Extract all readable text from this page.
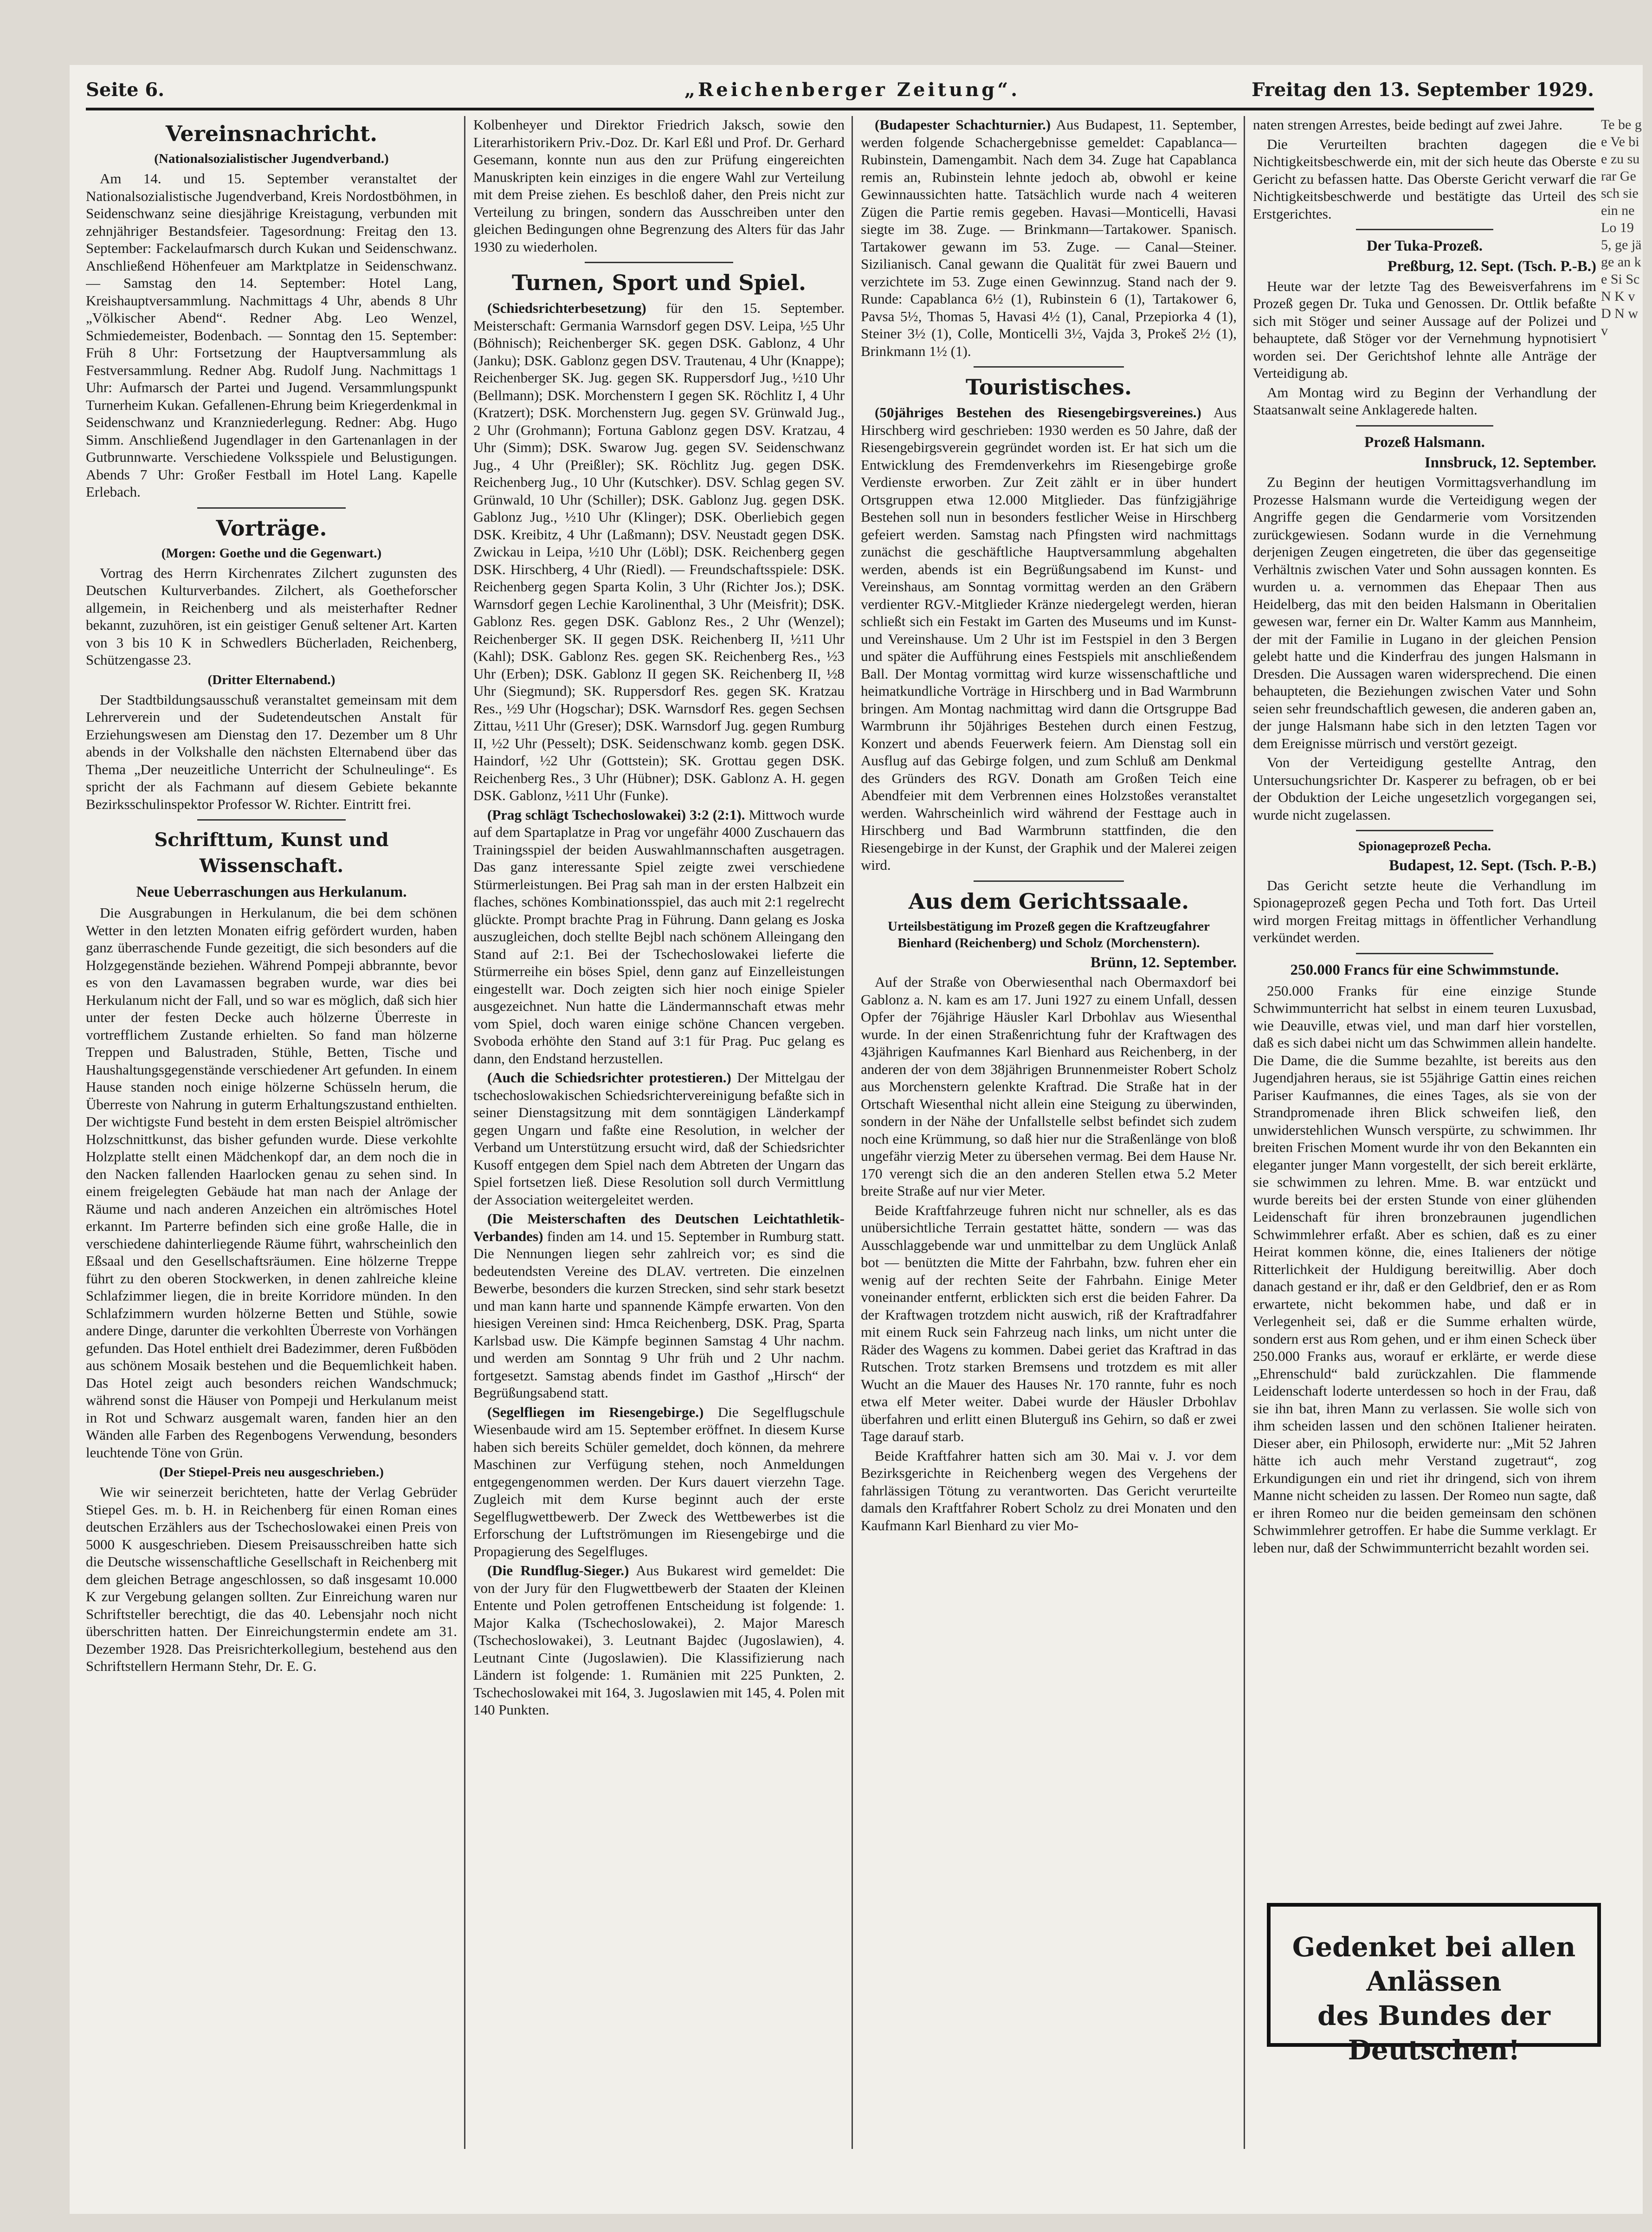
Seite 6.	„Reichenberger Zeitung“.	Freitag den 13. September 1929.
Vereinsnachricht.
(Nationalsozialistischer Jugendverband.)

Am 14. und 15. September veranstaltet der Nationalsozialistische Jugendverband, Kreis Nordostböhmen, in Seidenschwanz seine diesjährige Kreistagung, verbunden mit zehnjähriger Bestandsfeier. Tagesordnung: Freitag den 13. September: Fackelaufmarsch durch Kukan und Seidenschwanz. Anschließend Höhenfeuer am Marktplatze in Seidenschwanz. — Samstag den 14. September: Hotel Lang, Kreishauptversammlung. Nachmittags 4 Uhr, abends 8 Uhr „Völkischer Abend“. Redner Abg. Leo Wenzel, Schmiedemeister, Bodenbach. — Sonntag den 15. September: Früh 8 Uhr: Fortsetzung der Hauptversammlung als Festversammlung. Redner Abg. Rudolf Jung. Nachmittags 1 Uhr: Aufmarsch der Partei und Jugend. Versammlungspunkt Turnerheim Kukan. Gefallenen-Ehrung beim Kriegerdenkmal in Seidenschwanz und Kranzniederlegung. Redner: Abg. Hugo Simm. Anschließend Jugendlager in den Gartenanlagen in der Gutbrunnwarte. Verschiedene Volksspiele und Belustigungen. Abends 7 Uhr: Großer Festball im Hotel Lang. Kapelle Erlebach.

Vorträge.
(Morgen: Goethe und die Gegenwart.)

Vortrag des Herrn Kirchenrates Zilchert zugunsten des Deutschen Kulturverbandes. Zilchert, als Goetheforscher allgemein, in Reichenberg und als meisterhafter Redner bekannt, zuzuhören, ist ein geistiger Genuß seltener Art. Karten von 3 bis 10 K in Schwedlers Bücherladen, Reichenberg, Schützengasse 23.

(Dritter Elternabend.)

Der Stadtbildungsausschuß veranstaltet gemeinsam mit dem Lehrerverein und der Sudetendeutschen Anstalt für Erziehungswesen am Dienstag den 17. Dezember um 8 Uhr abends in der Volkshalle den nächsten Elternabend über das Thema „Der neuzeitliche Unterricht der Schulneulinge“. Es spricht der als Fachmann auf diesem Gebiete bekannte Bezirksschulinspektor Professor W. Richter. Eintritt frei.

Schrifttum, Kunst und Wissenschaft.
Neue Ueberraschungen aus Herkulanum.

Die Ausgrabungen in Herkulanum, die bei dem schönen Wetter in den letzten Monaten eifrig gefördert wurden, haben ganz überraschende Funde gezeitigt, die sich besonders auf die Holzgegenstände beziehen. Während Pompeji abbrannte, bevor es von den Lavamassen begraben wurde, war dies bei Herkulanum nicht der Fall, und so war es möglich, daß sich hier unter der festen Decke auch hölzerne Überreste in vortrefflichem Zustande erhielten. So fand man hölzerne Treppen und Balustraden, Stühle, Betten, Tische und Haushaltungsgegenstände verschiedener Art gefunden. In einem Hause standen noch einige hölzerne Schüsseln herum, die Überreste von Nahrung in guterm Erhaltungszustand enthielten. Der wichtigste Fund besteht in dem ersten Beispiel altrömischer Holzschnittkunst, das bisher gefunden wurde. Diese verkohlte Holzplatte stellt einen Mädchenkopf dar, an dem noch die in den Nacken fallenden Haarlocken genau zu sehen sind. In einem freigelegten Gebäude hat man nach der Anlage der Räume und nach anderen Anzeichen ein altrömisches Hotel erkannt. Im Parterre befinden sich eine große Halle, die in verschiedene dahinterliegende Räume führt, wahrscheinlich den Eßsaal und den Gesellschaftsräumen. Eine hölzerne Treppe führt zu den oberen Stockwerken, in denen zahlreiche kleine Schlafzimmer liegen, die in breite Korridore münden. In den Schlafzimmern wurden hölzerne Betten und Stühle, sowie andere Dinge, darunter die verkohlten Überreste von Vorhängen gefunden. Das Hotel enthielt drei Badezimmer, deren Fußböden aus schönem Mosaik bestehen und die Bequemlichkeit haben. Das Hotel zeigt auch besonders reichen Wandschmuck; während sonst die Häuser von Pompeji und Herkulanum meist in Rot und Schwarz ausgemalt waren, fanden hier an den Wänden alle Farben des Regenbogens Verwendung, besonders leuchtende Töne von Grün.

(Der Stiepel-Preis neu ausgeschrieben.)

Wie wir seinerzeit berichteten, hatte der Verlag Gebrüder Stiepel Ges. m. b. H. in Reichenberg für einen Roman eines deutschen Erzählers aus der Tschechoslowakei einen Preis von 5000 K ausgeschrieben. Diesem Preisausschreiben hatte sich die Deutsche wissenschaftliche Gesellschaft in Reichenberg mit dem gleichen Betrage angeschlossen, so daß insgesamt 10.000 K zur Vergebung gelangen sollten. Zur Einreichung waren nur Schriftsteller berechtigt, die das 40. Lebensjahr noch nicht überschritten hatten. Der Einreichungstermin endete am 31. Dezember 1928. Das Preisrichterkollegium, bestehend aus den Schriftstellern Hermann Stehr, Dr. E. G.

Kolbenheyer und Direktor Friedrich Jaksch, sowie den Literarhistorikern Priv.-Doz. Dr. Karl Eßl und Prof. Dr. Gerhard Gesemann, konnte nun aus den zur Prüfung eingereichten Manuskripten kein einziges in die engere Wahl zur Verteilung mit dem Preise ziehen. Es beschloß daher, den Preis nicht zur Verteilung zu bringen, sondern das Ausschreiben unter den gleichen Bedingungen ohne Begrenzung des Alters für das Jahr 1930 zu wiederholen.

Turnen, Sport und Spiel.

(Schiedsrichterbesetzung) für den 15. September. Meisterschaft: Germania Warnsdorf gegen DSV. Leipa, ½5 Uhr (Böhnisch); Reichenberger SK. gegen DSK. Gablonz, 4 Uhr (Janku); DSK. Gablonz gegen DSV. Trautenau, 4 Uhr (Knappe); Reichenberger SK. Jug. gegen SK. Ruppersdorf Jug., ½10 Uhr (Bellmann); DSK. Morchenstern I gegen SK. Röchlitz I, 4 Uhr (Kratzert); DSK. Morchenstern Jug. gegen SV. Grünwald Jug., 2 Uhr (Grohmann); Fortuna Gablonz gegen DSV. Kratzau, 4 Uhr (Simm); DSK. Swarow Jug. gegen SV. Seidenschwanz Jug., 4 Uhr (Preißler); SK. Röchlitz Jug. gegen DSK. Reichenberg Jug., 10 Uhr (Kutschker). DSV. Schlag gegen SV. Grünwald, 10 Uhr (Schiller); DSK. Gablonz Jug. gegen DSK. Gablonz Jug., ½10 Uhr (Klinger); DSK. Oberliebich gegen DSK. Kreibitz, 4 Uhr (Laßmann); DSV. Neustadt gegen DSK. Zwickau in Leipa, ½10 Uhr (Löbl); DSK. Reichenberg gegen DSK. Hirschberg, 4 Uhr (Riedl). — Freundschaftsspiele: DSK. Reichenberg gegen Sparta Kolin, 3 Uhr (Richter Jos.); DSK. Warnsdorf gegen Lechie Karolinenthal, 3 Uhr (Meisfrit); DSK. Gablonz Res. gegen DSK. Gablonz Res., 2 Uhr (Wenzel); Reichenberger SK. II gegen DSK. Reichenberg II, ½11 Uhr (Kahl); DSK. Gablonz Res. gegen SK. Reichenberg Res., ½3 Uhr (Erben); DSK. Gablonz II gegen SK. Reichenberg II, ½8 Uhr (Siegmund); SK. Ruppersdorf Res. gegen SK. Kratzau Res., ½9 Uhr (Hogschar); DSK. Warnsdorf Res. gegen Sechsen Zittau, ½11 Uhr (Greser); DSK. Warnsdorf Jug. gegen Rumburg II, ½2 Uhr (Pesselt); DSK. Seidenschwanz komb. gegen DSK. Haindorf, ½2 Uhr (Gottstein); SK. Grottau gegen DSK. Reichenberg Res., 3 Uhr (Hübner); DSK. Gablonz A. H. gegen DSK. Gablonz, ½11 Uhr (Funke).

(Prag schlägt Tschechoslowakei) 3:2 (2:1). Mittwoch wurde auf dem Spartaplatze in Prag vor ungefähr 4000 Zuschauern das Trainingsspiel der beiden Auswahlmannschaften ausgetragen. Das ganz interessante Spiel zeigte zwei verschiedene Stürmerleistungen. Bei Prag sah man in der ersten Halbzeit ein flaches, schönes Kombinationsspiel, das auch mit 2:1 regelrecht glückte. Prompt brachte Prag in Führung. Dann gelang es Joska auszugleichen, doch stellte Bejbl nach schönem Alleingang den Stand auf 2:1. Bei der Tschechoslowakei lieferte die Stürmerreihe ein böses Spiel, denn ganz auf Einzelleistungen eingestellt war. Doch zeigten sich hier noch einige Spieler ausgezeichnet. Nun hatte die Ländermannschaft etwas mehr vom Spiel, doch waren einige schöne Chancen vergeben. Svoboda erhöhte den Stand auf 3:1 für Prag. Puc gelang es dann, den Endstand herzustellen.

(Auch die Schiedsrichter protestieren.) Der Mittelgau der tschechoslowakischen Schiedsrichtervereinigung befaßte sich in seiner Dienstagsitzung mit dem sonntägigen Länderkampf gegen Ungarn und faßte eine Resolution, in welcher der Verband um Unterstützung ersucht wird, daß der Schiedsrichter Kusoff entgegen dem Spiel nach dem Abtreten der Ungarn das Spiel fortsetzen ließ. Diese Resolution soll durch Vermittlung der Association weitergeleitet werden.

(Die Meisterschaften des Deutschen Leichtathletik-Verbandes) finden am 14. und 15. September in Rumburg statt. Die Nennungen liegen sehr zahlreich vor; es sind die bedeutendsten Vereine des DLAV. vertreten. Die einzelnen Bewerbe, besonders die kurzen Strecken, sind sehr stark besetzt und man kann harte und spannende Kämpfe erwarten. Von den hiesigen Vereinen sind: Hmca Reichenberg, DSK. Prag, Sparta Karlsbad usw. Die Kämpfe beginnen Samstag 4 Uhr nachm. und werden am Sonntag 9 Uhr früh und 2 Uhr nachm. fortgesetzt. Samstag abends findet im Gasthof „Hirsch“ der Begrüßungsabend statt.

(Segelfliegen im Riesengebirge.) Die Segelflugschule Wiesenbaude wird am 15. September eröffnet. In diesem Kurse haben sich bereits Schüler gemeldet, doch können, da mehrere Maschinen zur Verfügung stehen, noch Anmeldungen entgegengenommen werden. Der Kurs dauert vierzehn Tage. Zugleich mit dem Kurse beginnt auch der erste Segelflugwettbewerb. Der Zweck des Wettbewerbes ist die Erforschung der Luftströmungen im Riesengebirge und die Propagierung des Segelfluges.

(Die Rundflug-Sieger.) Aus Bukarest wird gemeldet: Die von der Jury für den Flugwettbewerb der Staaten der Kleinen Entente und Polen getroffenen Entscheidung ist folgende: 1. Major Kalka (Tschechoslowakei), 2. Major Maresch (Tschechoslowakei), 3. Leutnant Bajdec (Jugoslawien), 4. Leutnant Cinte (Jugoslawien). Die Klassifizierung nach Ländern ist folgende: 1. Rumänien mit 225 Punkten, 2. Tschechoslowakei mit 164, 3. Jugoslawien mit 145, 4. Polen mit 140 Punkten.

(Budapester Schachturnier.) Aus Budapest, 11. September, werden folgende Schachergebnisse gemeldet: Capablanca—Rubinstein, Damengambit. Nach dem 34. Zuge hat Capablanca remis an, Rubinstein lehnte jedoch ab, obwohl er keine Gewinnaussichten hatte. Tatsächlich wurde nach 4 weiteren Zügen die Partie remis gegeben. Havasi—Monticelli, Havasi siegte im 38. Zuge. — Brinkmann—Tartakower. Spanisch. Tartakower gewann im 53. Zuge. — Canal—Steiner. Sizilianisch. Canal gewann die Qualität für zwei Bauern und verzichtete im 53. Zuge einen Gewinnzug. Stand nach der 9. Runde: Capablanca 6½ (1), Rubinstein 6 (1), Tartakower 6, Pavsa 5½, Thomas 5, Havasi 4½ (1), Canal, Przepiorka 4 (1), Steiner 3½ (1), Colle, Monticelli 3½, Vajda 3, Prokeš 2½ (1), Brinkmann 1½ (1).

Touristisches.

(50jähriges Bestehen des Riesengebirgsvereines.) Aus Hirschberg wird geschrieben: 1930 werden es 50 Jahre, daß der Riesengebirgsverein gegründet worden ist. Er hat sich um die Entwicklung des Fremdenverkehrs im Riesengebirge große Verdienste erworben. Zur Zeit zählt er in über hundert Ortsgruppen etwa 12.000 Mitglieder. Das fünfzigjährige Bestehen soll nun in besonders festlicher Weise in Hirschberg gefeiert werden. Samstag nach Pfingsten wird nachmittags zunächst die geschäftliche Hauptversammlung abgehalten werden, abends ist ein Begrüßungsabend im Kunst- und Vereinshaus, am Sonntag vormittag werden an den Gräbern verdienter RGV.-Mitglieder Kränze niedergelegt werden, hieran schließt sich ein Festakt im Garten des Museums und im Kunst- und Vereinshause. Um 2 Uhr ist im Festspiel in den 3 Bergen und später die Aufführung eines Festspiels mit anschließendem Ball. Der Montag vormittag wird kurze wissenschaftliche und heimatkundliche Vorträge in Hirschberg und in Bad Warmbrunn bringen. Am Montag nachmittag wird dann die Ortsgruppe Bad Warmbrunn ihr 50jähriges Bestehen durch einen Festzug, Konzert und abends Feuerwerk feiern. Am Dienstag soll ein Ausflug auf das Gebirge folgen, und zum Schluß am Denkmal des Gründers des RGV. Donath am Großen Teich eine Abendfeier mit dem Verbrennen eines Holzstoßes veranstaltet werden. Wahrscheinlich wird während der Festtage auch in Hirschberg und Bad Warmbrunn stattfinden, die den Riesengebirge in der Kunst, der Graphik und der Malerei zeigen wird.

Aus dem Gerichtssaale.
Urteilsbestätigung im Prozeß gegen die Kraftzeugfahrer Bienhard (Reichenberg) und Scholz (Morchenstern).
Brünn, 12. September.

Auf der Straße von Oberwiesenthal nach Obermaxdorf bei Gablonz a. N. kam es am 17. Juni 1927 zu einem Unfall, dessen Opfer der 76jährige Häusler Karl Drbohlav aus Wiesenthal wurde. In der einen Straßenrichtung fuhr der Kraftwagen des 43jährigen Kaufmannes Karl Bienhard aus Reichenberg, in der anderen der von dem 38jährigen Brunnenmeister Robert Scholz aus Morchenstern gelenkte Kraftrad. Die Straße hat in der Ortschaft Wiesenthal nicht allein eine Steigung zu überwinden, sondern in der Nähe der Unfallstelle selbst befindet sich zudem noch eine Krümmung, so daß hier nur die Straßenlänge von bloß ungefähr vierzig Meter zu übersehen vermag. Bei dem Hause Nr. 170 verengt sich die an den anderen Stellen etwa 5.2 Meter breite Straße auf nur vier Meter.

Beide Kraftfahrzeuge fuhren nicht nur schneller, als es das unübersichtliche Terrain gestattet hätte, sondern — was das Ausschlaggebende war und unmittelbar zu dem Unglück Anlaß bot — benützten die Mitte der Fahrbahn, bzw. fuhren eher ein wenig auf der rechten Seite der Fahrbahn. Einige Meter voneinander entfernt, erblickten sich erst die beiden Fahrer. Da der Kraftwagen trotzdem nicht auswich, riß der Kraftradfahrer mit einem Ruck sein Fahrzeug nach links, um nicht unter die Räder des Wagens zu kommen. Dabei geriet das Kraftrad in das Rutschen. Trotz starken Bremsens und trotzdem es mit aller Wucht an die Mauer des Hauses Nr. 170 rannte, fuhr es noch etwa elf Meter weiter. Dabei wurde der Häusler Drbohlav überfahren und erlitt einen Bluterguß ins Gehirn, so daß er zwei Tage darauf starb.

Beide Kraftfahrer hatten sich am 30. Mai v. J. vor dem Bezirksgerichte in Reichenberg wegen des Vergehens der fahrlässigen Tötung zu verantworten. Das Gericht verurteilte damals den Kraftfahrer Robert Scholz zu drei Monaten und den Kaufmann Karl Bienhard zu vier Mo-

naten strengen Arrestes, beide bedingt auf zwei Jahre.

Die Verurteilten brachten dagegen die Nichtigkeitsbeschwerde ein, mit der sich heute das Oberste Gericht zu befassen hatte. Das Oberste Gericht verwarf die Nichtigkeitsbeschwerde und bestätigte das Urteil des Erstgerichtes.

Der Tuka-Prozeß.
Preßburg, 12. Sept. (Tsch. P.-B.)

Heute war der letzte Tag des Beweisverfahrens im Prozeß gegen Dr. Tuka und Genossen. Dr. Ottlik befaßte sich mit Stöger und seiner Aussage auf der Polizei und behauptete, daß Stöger vor der Vernehmung hypnotisiert worden sei. Der Gerichtshof lehnte alle Anträge der Verteidigung ab.

Am Montag wird zu Beginn der Verhandlung der Staatsanwalt seine Anklagerede halten.

Prozeß Halsmann.
Innsbruck, 12. September.

Zu Beginn der heutigen Vormittagsverhandlung im Prozesse Halsmann wurde die Verteidigung wegen der Angriffe gegen die Gendarmerie vom Vorsitzenden zurückgewiesen. Sodann wurde in die Vernehmung derjenigen Zeugen eingetreten, die über das gegenseitige Verhältnis zwischen Vater und Sohn aussagen konnten. Es wurden u. a. vernommen das Ehepaar Then aus Heidelberg, das mit den beiden Halsmann in Oberitalien gewesen war, ferner ein Dr. Walter Kamm aus Mannheim, der mit der Familie in Lugano in der gleichen Pension gelebt hatte und die Kinderfrau des jungen Halsmann in Dresden. Die Aussagen waren widersprechend. Die einen behaupteten, die Beziehungen zwischen Vater und Sohn seien sehr freundschaftlich gewesen, die anderen gaben an, der junge Halsmann habe sich in den letzten Tagen vor dem Ereignisse mürrisch und verstört gezeigt.

Von der Verteidigung gestellte Antrag, den Untersuchungsrichter Dr. Kasperer zu befragen, ob er bei der Obduktion der Leiche ungesetzlich vorgegangen sei, wurde nicht zugelassen.

Spionageprozeß Pecha.
Budapest, 12. Sept. (Tsch. P.-B.)

Das Gericht setzte heute die Verhandlung im Spionageprozeß gegen Pecha und Toth fort. Das Urteil wird morgen Freitag mittags in öffentlicher Verhandlung verkündet werden.

250.000 Francs für eine Schwimmstunde.

250.000 Franks für eine einzige Stunde Schwimmunterricht hat selbst in einem teuren Luxusbad, wie Deauville, etwas viel, und man darf hier vorstellen, daß es sich dabei nicht um das Schwimmen allein handelte. Die Dame, die die Summe bezahlte, ist bereits aus den Jugendjahren heraus, sie ist 55jährige Gattin eines reichen Pariser Kaufmannes, die eines Tages, als sie von der Strandpromenade ihren Blick schweifen ließ, den unwiderstehlichen Wunsch verspürte, zu schwimmen. Ihr breiten Frischen Moment wurde ihr von den Bekannten ein eleganter junger Mann vorgestellt, der sich bereit erklärte, sie schwimmen zu lehren. Mme. B. war entzückt und wurde bereits bei der ersten Stunde von einer glühenden Leidenschaft für ihren bronzebraunen jugendlichen Schwimmlehrer erfaßt. Aber es schien, daß es zu einer Heirat kommen könne, die, eines Italieners der nötige Ritterlichkeit der Huldigung bereitwillig. Aber doch danach gestand er ihr, daß er den Geldbrief, den er as Rom erwartete, nicht bekommen habe, und daß er in Verlegenheit sei, daß er die Summe erhalten würde, sondern erst aus Rom gehen, und er ihm einen Scheck über 250.000 Franks aus, worauf er erklärte, er werde diese „Ehrenschuld“ bald zurückzahlen. Die flammende Leidenschaft loderte unterdessen so hoch in der Frau, daß sie ihn bat, ihren Mann zu verlassen. Sie wolle sich von ihm scheiden lassen und den schönen Italiener heiraten. Dieser aber, ein Philosoph, erwiderte nur: „Mit 52 Jahren hätte ich auch mehr Verstand zugetraut“, zog Erkundigungen ein und riet ihr dringend, sich von ihrem Manne nicht scheiden zu lassen. Der Romeo nun sagte, daß er ihren Romeo nur die beiden gemeinsam den schönen Schwimmlehrer getroffen. Er habe die Summe verklagt. Er leben nur, daß der Schwimmunterricht bezahlt worden sei.

Gedenket bei allen Anlässen
des Bundes der Deutschen!
Te be ge Ve bie zu su rar Ge sch sie ein ne Lo 19 5, ge jä ge an ke Si Sc N K v D N w v
